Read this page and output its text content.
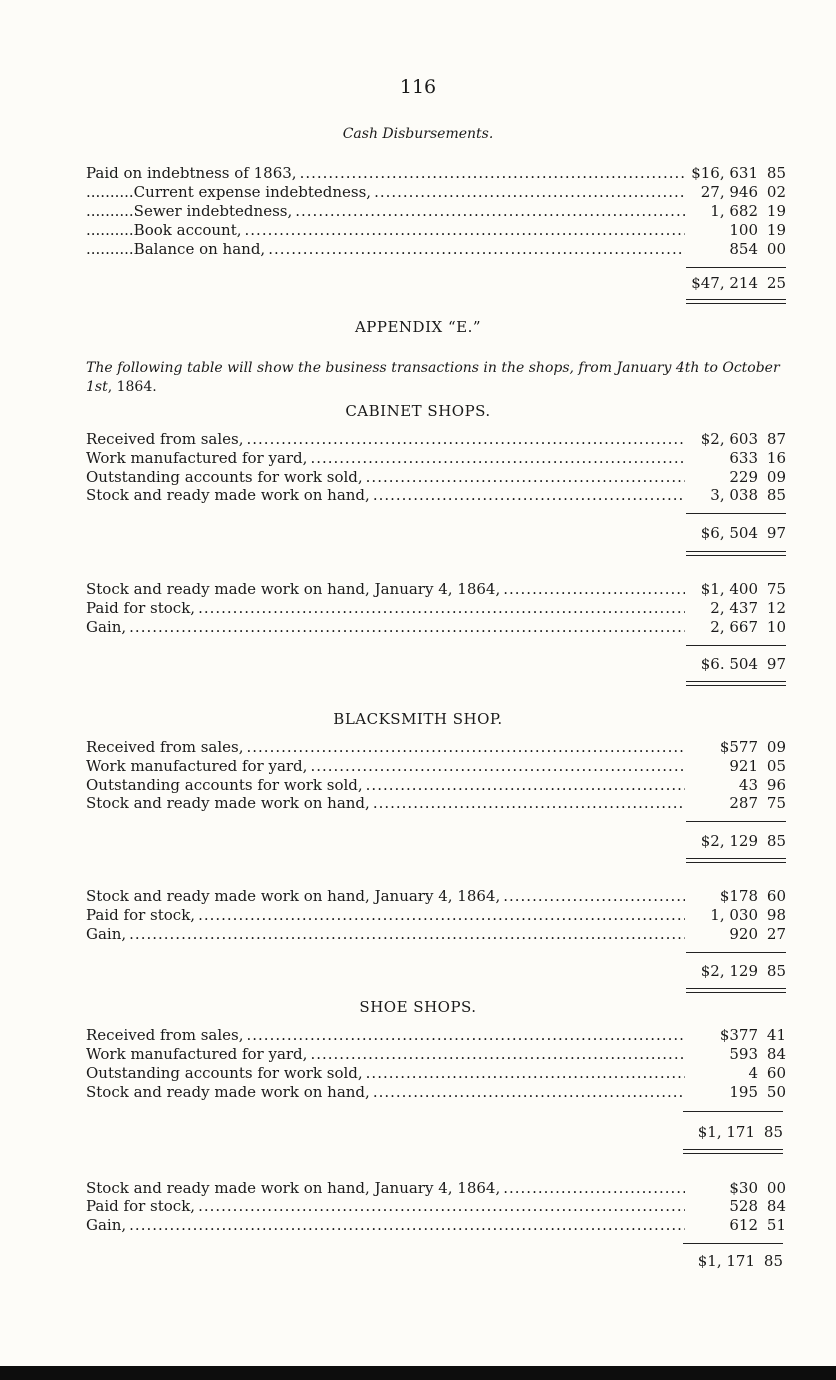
116
Cash Disbursements.
Paid on indebtness of 1863, .....	$16, 631 85
..........Current expense indebtedness, .....	27, 946 02
..........Sewer indebtedness, .....	1, 682 19
..........Book account, .....	100 19
..........Balance on hand, .....	854 00
$47, 214 25
APPENDIX “E.”
The following table will show the business transactions in the shops, from January 4th to October 1st, 1864.
CABINET SHOPS.
Received from sales, .....	$2, 603 87
Work manufactured for yard, .....	633 16
Outstanding accounts for work sold, .....	229 09
Stock and ready made work on hand, .....	3, 038 85
$6, 504 97
Stock and ready made work on hand, January 4, 1864, .....	$1, 400 75
Paid for stock, .....	2, 437 12
Gain, .....	2, 667 10
$6. 504 97
BLACKSMITH SHOP.
Received from sales, .....	$577 09
Work manufactured for yard, .....	921 05
Outstanding accounts for work sold, .....	43 96
Stock and ready made work on hand, .....	287 75
$2, 129 85
Stock and ready made work on hand, January 4, 1864, .....	$178 60
Paid for stock, .....	1, 030 98
Gain, .....	920 27
$2, 129 85
SHOE SHOPS.
Received from sales, .....	$377 41
Work manufactured for yard, .....	593 84
Outstanding accounts for work sold, .....	4 60
Stock and ready made work on hand, .....	195 50
$1, 171 85
Stock and ready made work on hand, January 4, 1864, .....	$30 00
Paid for stock, .....	528 84
Gain, .....	612 51
$1, 171 85
